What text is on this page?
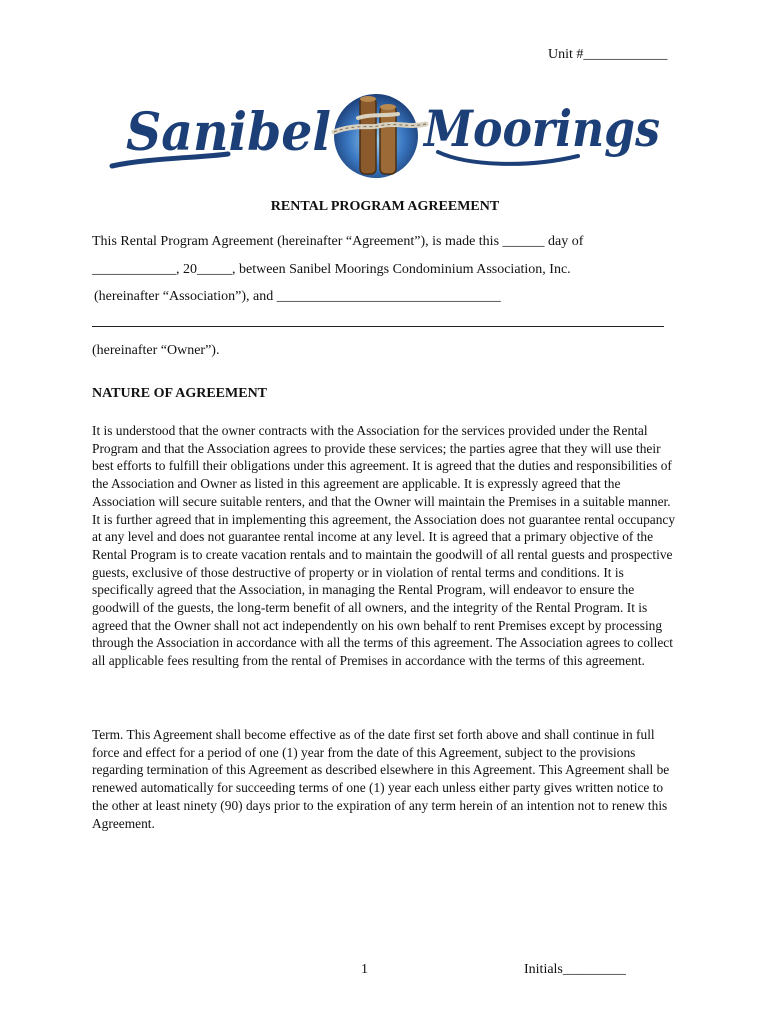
Unit #____________
Sanibel Moorings
RENTAL PROGRAM AGREEMENT
This Rental Program Agreement (hereinafter “Agreement”), is made this ______ day of
____________, 20_____, between Sanibel Moorings Condominium Association, Inc.
(hereinafter “Association”), and ________________________________
(hereinafter “Owner”).
NATURE OF AGREEMENT

It is understood that the owner contracts with the Association for the services provided under the Rental Program and that the Association agrees to provide these services; the parties agree that they will use their best efforts to fulfill their obligations under this agreement. It is agreed that the duties and responsibilities of the Association and Owner as listed in this agreement are applicable. It is expressly agreed that the Association will secure suitable renters, and that the Owner will maintain the Premises in a suitable manner. It is further agreed that in implementing this agreement, the Association does not guarantee rental occupancy at any level and does not guarantee rental income at any level. It is agreed that a primary objective of the Rental Program is to create vacation rentals and to maintain the goodwill of all rental guests and prospective guests, exclusive of those destructive of property or in violation of rental terms and conditions. It is specifically agreed that the Association, in managing the Rental Program, will endeavor to ensure the goodwill of the guests, the long-term benefit of all owners, and the integrity of the Rental Program. It is agreed that the Owner shall not act independently on his own behalf to rent Premises except by processing through the Association in accordance with all the terms of this agreement. The Association agrees to collect all applicable fees resulting from the rental of Premises in accordance with the terms of this agreement.

Term. This Agreement shall become effective as of the date first set forth above and shall continue in full force and effect for a period of one (1) year from the date of this Agreement, subject to the provisions regarding termination of this Agreement as described elsewhere in this Agreement. This Agreement shall be renewed automatically for succeeding terms of one (1) year each unless either party gives written notice to the other at least ninety (90) days prior to the expiration of any term herein of an intention not to renew this Agreement.

1	Initials_________
